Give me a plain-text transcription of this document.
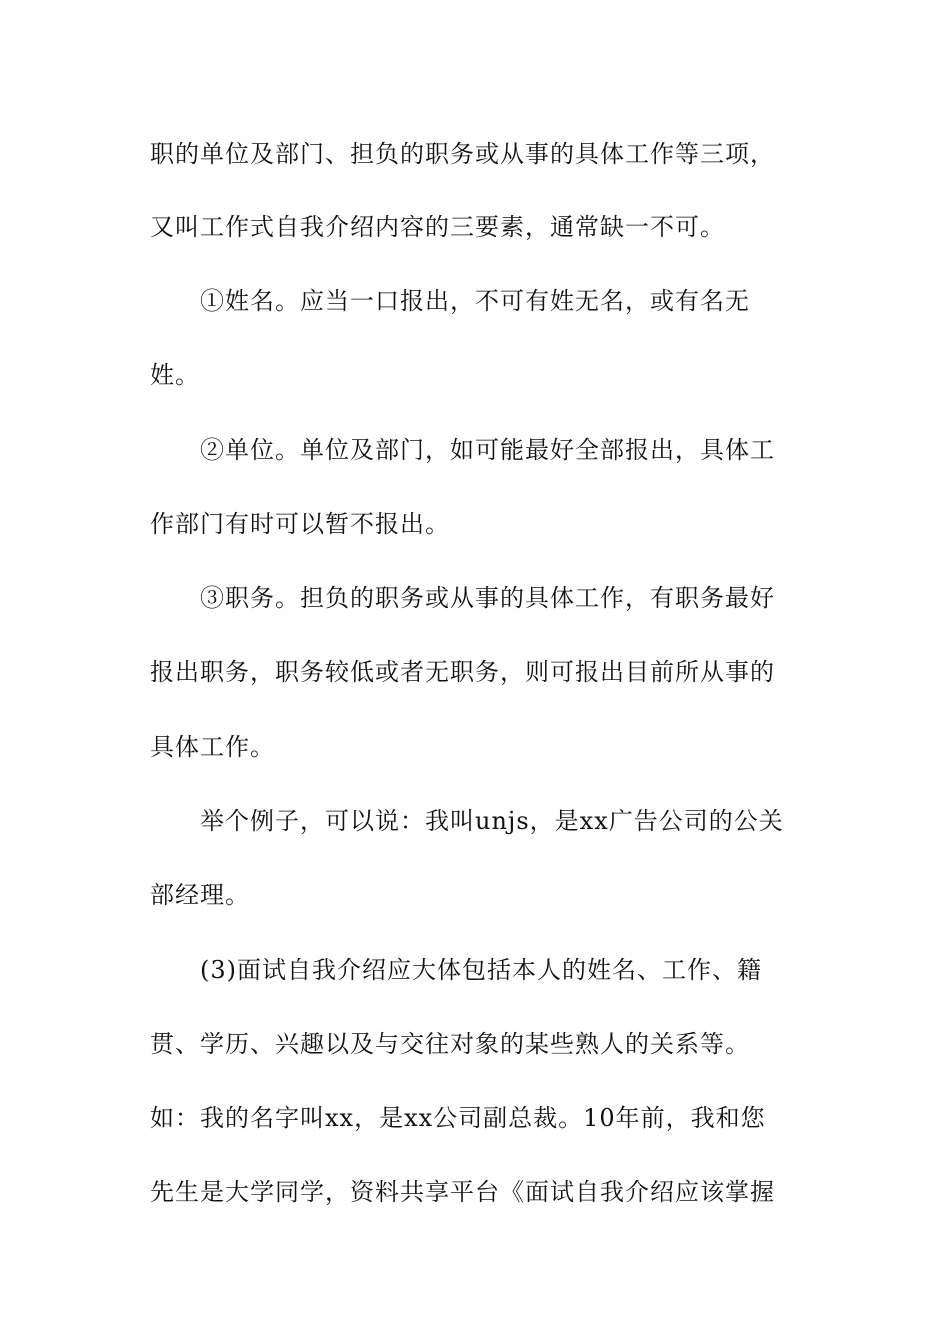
职的单位及部门、担负的职务或从事的具体工作等三项，
又叫工作式自我介绍内容的三要素，通常缺一不可。
①姓名。应当一口报出，不可有姓无名，或有名无
姓。
②单位。单位及部门，如可能最好全部报出，具体工
作部门有时可以暂不报出。
③职务。担负的职务或从事的具体工作，有职务最好
报出职务，职务较低或者无职务，则可报出目前所从事的
具体工作。
举个例子，可以说：我叫unjs，是xx广告公司的公关
部经理。
(3)面试自我介绍应大体包括本人的姓名、工作、籍
贯、学历、兴趣以及与交往对象的某些熟人的关系等。
如：我的名字叫xx，是xx公司副总裁。10年前，我和您
先生是大学同学，资料共享平台《面试自我介绍应该掌握
